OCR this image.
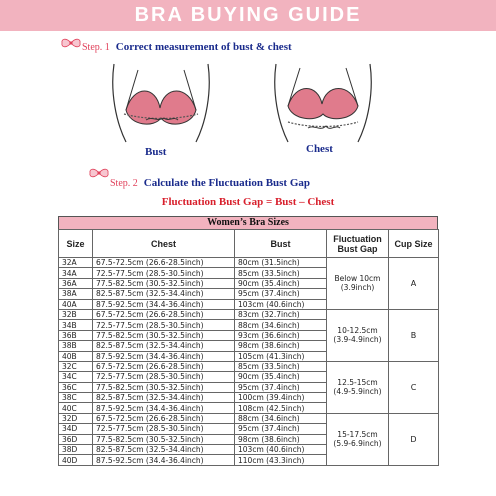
BRA BUYING GUIDE
Step. 1 Correct measurement of bust & chest
Bust	Chest
Step. 2 Calculate the Fluctuation Bust Gap
Fluctuation Bust Gap = Bust – Chest
Women’s Bra Sizes
Size	Chest	Bust	Fluctuation Bust Gap	Cup Size
32A	67.5-72.5cm (26.6-28.5inch)	80cm (31.5inch)	Below 10cm (3.9inch)	A
34A	72.5-77.5cm (28.5-30.5inch)	85cm (33.5inch)		
36A	77.5-82.5cm (30.5-32.5inch)	90cm (35.4inch)		
38A	82.5-87.5cm (32.5-34.4inch)	95cm (37.4inch)		
40A	87.5-92.5cm (34.4-36.4inch)	103cm (40.6inch)		
32B	67.5-72.5cm (26.6-28.5inch)	83cm (32.7inch)	10-12.5cm (3.9-4.9inch)	B
34B	72.5-77.5cm (28.5-30.5inch)	88cm (34.6inch)		
36B	77.5-82.5cm (30.5-32.5inch)	93cm (36.6inch)		
38B	82.5-87.5cm (32.5-34.4inch)	98cm (38.6inch)		
40B	87.5-92.5cm (34.4-36.4inch)	105cm (41.3inch)		
32C	67.5-72.5cm (26.6-28.5inch)	85cm (33.5inch)	12.5-15cm (4.9-5.9inch)	C
34C	72.5-77.5cm (28.5-30.5inch)	90cm (35.4inch)		
36C	77.5-82.5cm (30.5-32.5inch)	95cm (37.4inch)		
38C	82.5-87.5cm (32.5-34.4inch)	100cm (39.4inch)		
40C	87.5-92.5cm (34.4-36.4inch)	108cm (42.5inch)		
32D	67.5-72.5cm (26.6-28.5inch)	88cm (34.6inch)	15-17.5cm (5.9-6.9inch)	D
34D	72.5-77.5cm (28.5-30.5inch)	95cm (37.4inch)		
36D	77.5-82.5cm (30.5-32.5inch)	98cm (38.6inch)		
38D	82.5-87.5cm (32.5-34.4inch)	103cm (40.6inch)		
40D	87.5-92.5cm (34.4-36.4inch)	110cm (43.3inch)		
